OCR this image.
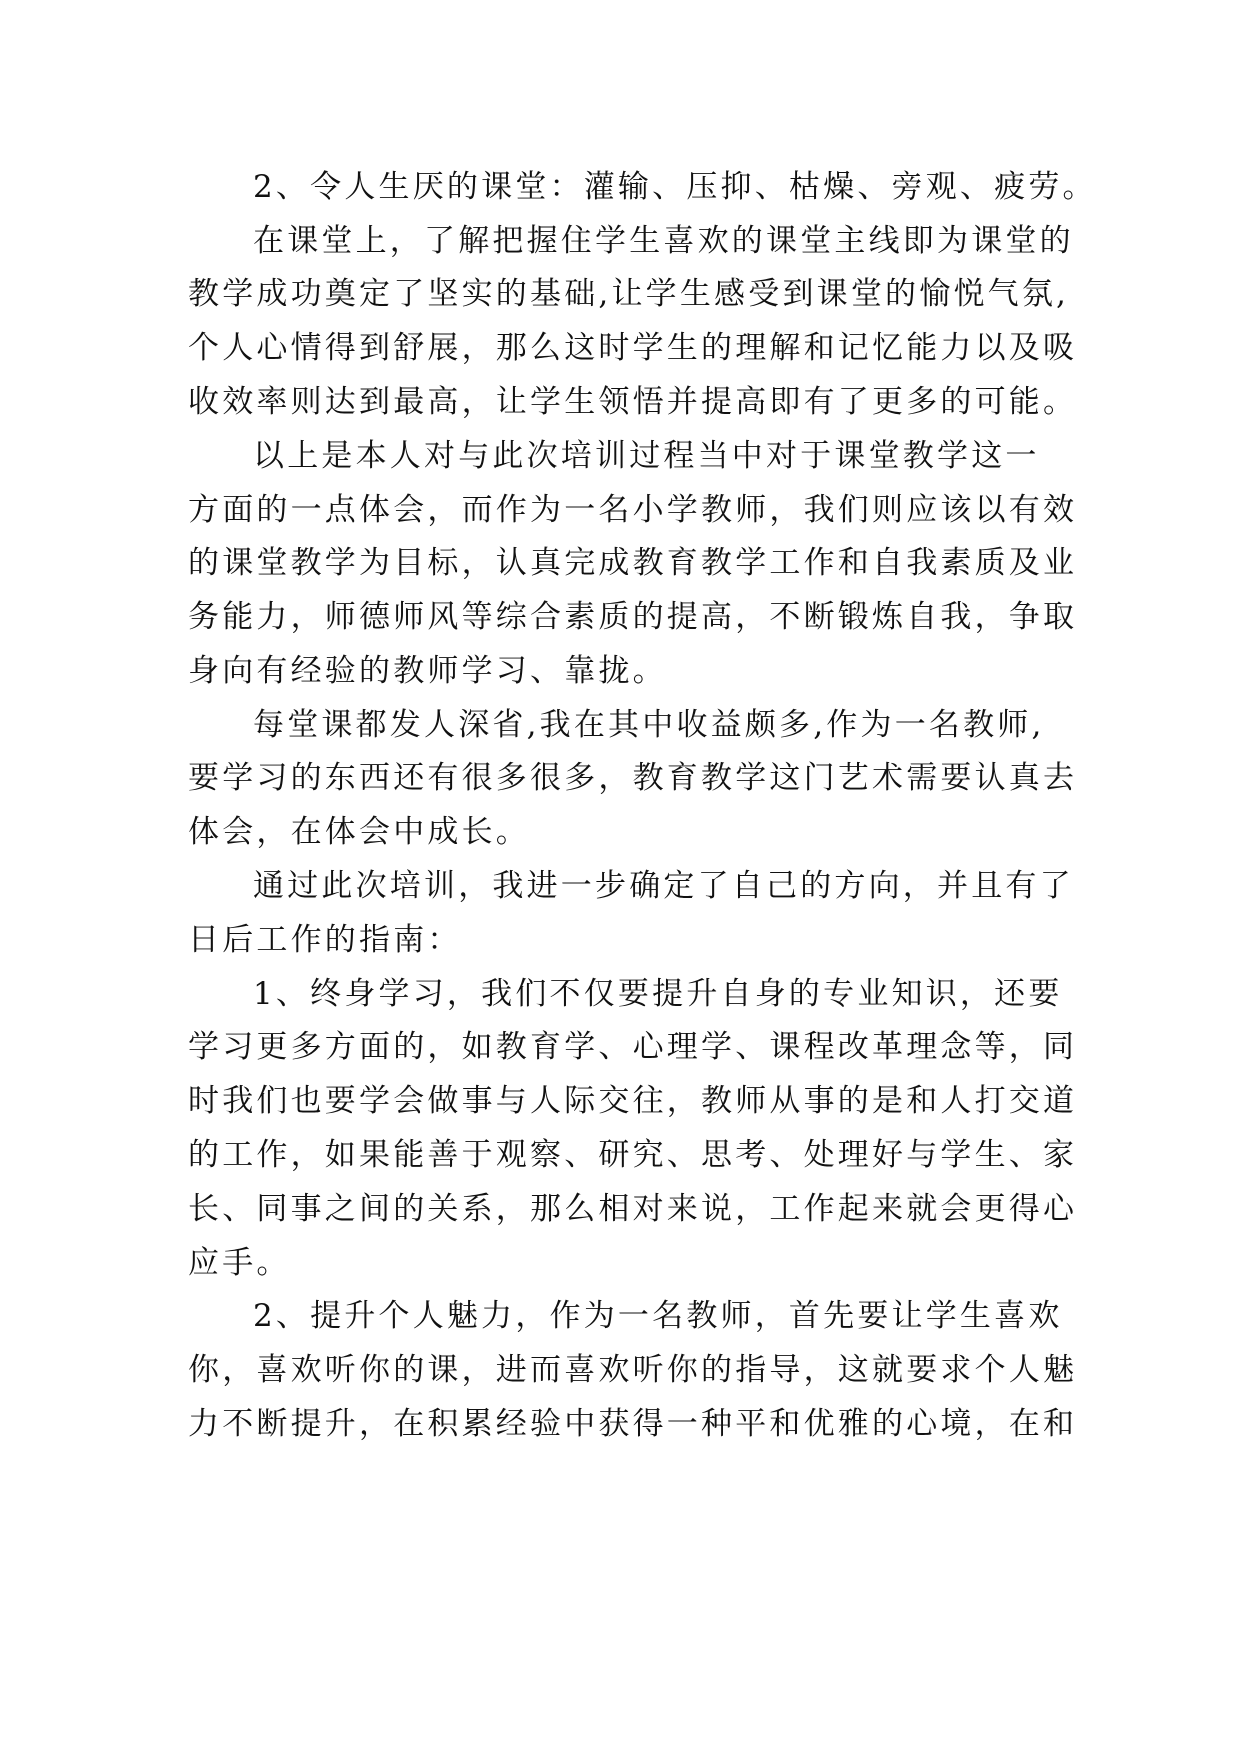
2、令人生厌的课堂：灌输、压抑、枯燥、旁观、疲劳。
在课堂上，了解把握住学生喜欢的课堂主线即为课堂的
教学成功奠定了坚实的基础,让学生感受到课堂的愉悦气氛,
个人心情得到舒展，那么这时学生的理解和记忆能力以及吸
收效率则达到最高，让学生领悟并提高即有了更多的可能。
以上是本人对与此次培训过程当中对于课堂教学这一
方面的一点体会，而作为一名小学教师，我们则应该以有效
的课堂教学为目标，认真完成教育教学工作和自我素质及业
务能力，师德师风等综合素质的提高，不断锻炼自我，争取
身向有经验的教师学习、靠拢。
每堂课都发人深省,我在其中收益颇多,作为一名教师,
要学习的东西还有很多很多，教育教学这门艺术需要认真去
体会，在体会中成长。
通过此次培训，我进一步确定了自己的方向，并且有了
日后工作的指南：
1、终身学习，我们不仅要提升自身的专业知识，还要
学习更多方面的，如教育学、心理学、课程改革理念等，同
时我们也要学会做事与人际交往，教师从事的是和人打交道
的工作，如果能善于观察、研究、思考、处理好与学生、家
长、同事之间的关系，那么相对来说，工作起来就会更得心
应手。
2、提升个人魅力，作为一名教师，首先要让学生喜欢
你，喜欢听你的课，进而喜欢听你的指导，这就要求个人魅
力不断提升，在积累经验中获得一种平和优雅的心境，在和
